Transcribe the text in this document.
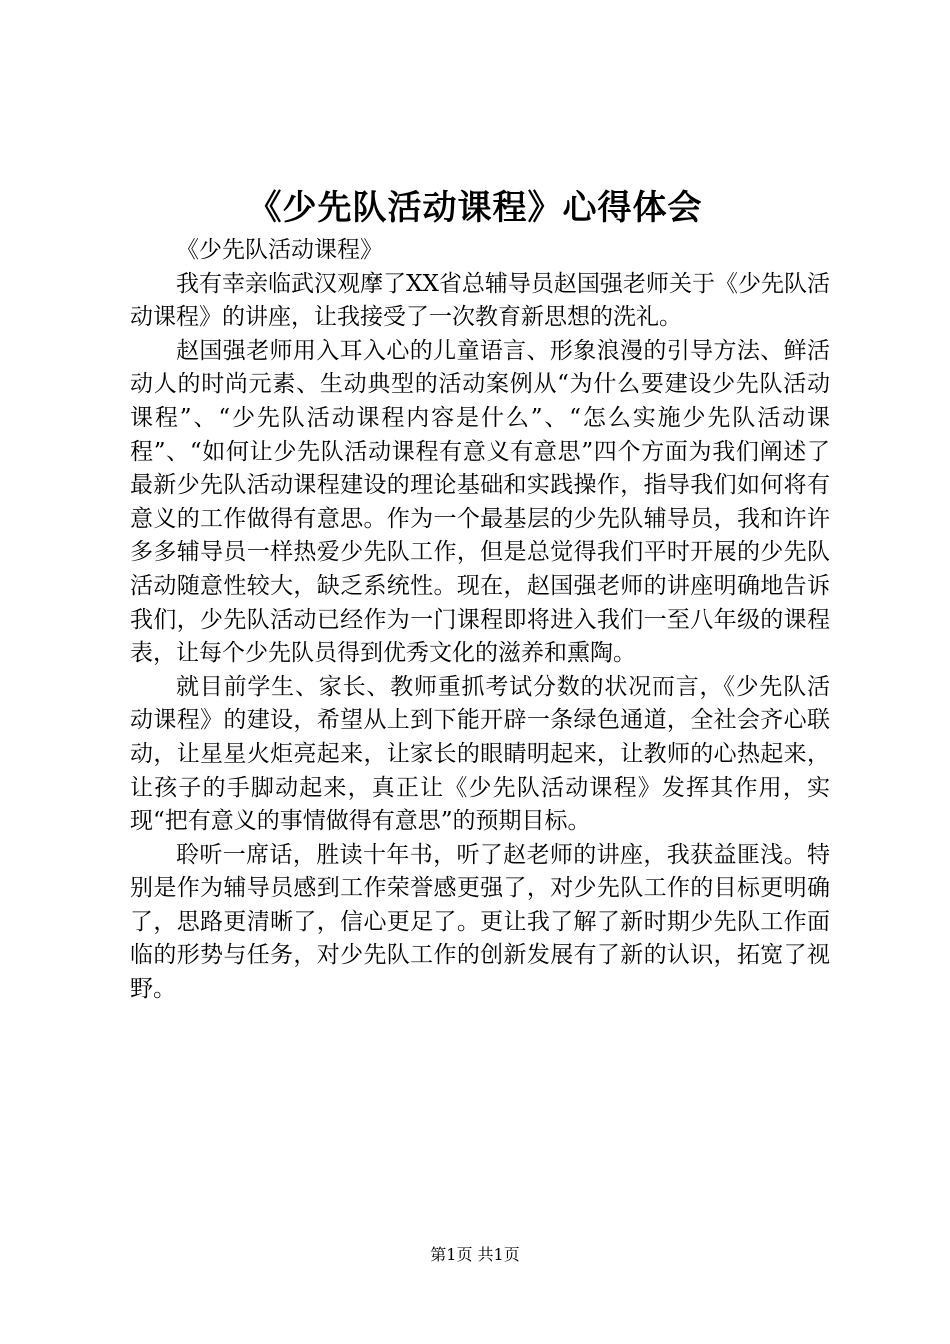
《少先队活动课程》心得体会

《少先队活动课程》

我有幸亲临武汉观摩了XX省总辅导员赵国强老师关于《少先队活动课程》的讲座，让我接受了一次教育新思想的洗礼。

赵国强老师用入耳入心的儿童语言、形象浪漫的引导方法、鲜活动人的时尚元素、生动典型的活动案例从“为什么要建设少先队活动课程”、“少先队活动课程内容是什么”、“怎么实施少先队活动课程”、“如何让少先队活动课程有意义有意思”四个方面为我们阐述了最新少先队活动课程建设的理论基础和实践操作，指导我们如何将有意义的工作做得有意思。作为一个最基层的少先队辅导员，我和许许多多辅导员一样热爱少先队工作，但是总觉得我们平时开展的少先队活动随意性较大，缺乏系统性。现在，赵国强老师的讲座明确地告诉我们，少先队活动已经作为一门课程即将进入我们一至八年级的课程表，让每个少先队员得到优秀文化的滋养和熏陶。

就目前学生、家长、教师重抓考试分数的状况而言，《少先队活动课程》的建设，希望从上到下能开辟一条绿色通道，全社会齐心联动，让星星火炬亮起来，让家长的眼睛明起来，让教师的心热起来，让孩子的手脚动起来，真正让《少先队活动课程》发挥其作用，实现“把有意义的事情做得有意思”的预期目标。

聆听一席话，胜读十年书，听了赵老师的讲座，我获益匪浅。特别是作为辅导员感到工作荣誉感更强了，对少先队工作的目标更明确了，思路更清晰了，信心更足了。更让我了解了新时期少先队工作面临的形势与任务，对少先队工作的创新发展有了新的认识，拓宽了视野。

第1页 共1页
